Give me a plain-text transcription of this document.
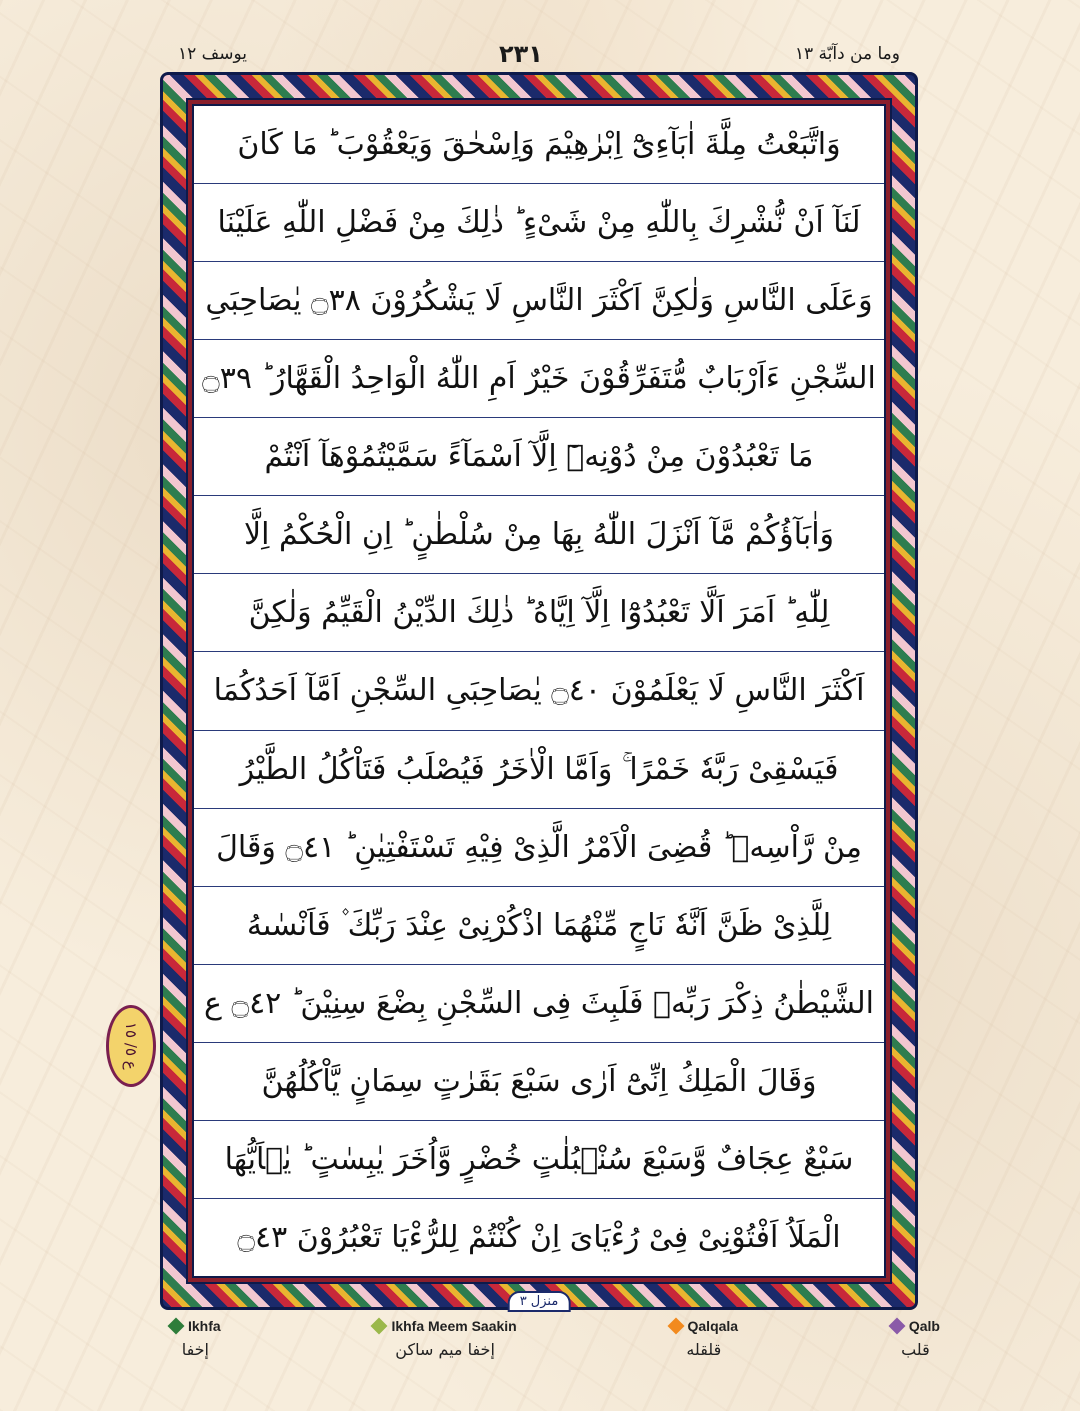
يوسف ١٢	٢٣١	وما من دآبّة ١٣
وَاتَّبَعْتُ مِلَّةَ اٰبَآءِیْٓ اِبْرٰهِیْمَ وَاِسْحٰقَ وَیَعْقُوْبَ ؕ مَا كَانَ
لَنَآ اَنْ نُّشْرِكَ بِاللّٰهِ مِنْ شَیْءٍ ؕ ذٰلِكَ مِنْ فَضْلِ اللّٰهِ عَلَیْنَا
وَعَلَى النَّاسِ وَلٰكِنَّ اَكْثَرَ النَّاسِ لَا یَشْكُرُوْنَ ۝٣٨ یٰصَاحِبَیِ
السِّجْنِ ءَاَرْبَابٌ مُّتَفَرِّقُوْنَ خَیْرٌ اَمِ اللّٰهُ الْوَاحِدُ الْقَهَّارُ ؕ ۝٣٩
مَا تَعْبُدُوْنَ مِنْ دُوْنِهٖٓ اِلَّآ اَسْمَآءً سَمَّیْتُمُوْهَآ اَنْتُمْ
وَاٰبَآؤُكُمْ مَّآ اَنْزَلَ اللّٰهُ بِهَا مِنْ سُلْطٰنٍ ؕ اِنِ الْحُكْمُ اِلَّا
لِلّٰهِ ؕ اَمَرَ اَلَّا تَعْبُدُوْٓا اِلَّآ اِیَّاهُ ؕ ذٰلِكَ الدِّیْنُ الْقَیِّمُ وَلٰكِنَّ
اَكْثَرَ النَّاسِ لَا یَعْلَمُوْنَ ۝٤٠ یٰصَاحِبَیِ السِّجْنِ اَمَّآ اَحَدُكُمَا
فَیَسْقِیْ رَبَّهٗ خَمْرًا ۚ وَاَمَّا الْاٰخَرُ فَیُصْلَبُ فَتَاْكُلُ الطَّیْرُ
مِنْ رَّاْسِهٖ ؕ قُضِیَ الْاَمْرُ الَّذِیْ فِیْهِ تَسْتَفْتِیٰنِ ؕ ۝٤١ وَقَالَ
لِلَّذِیْ ظَنَّ اَنَّهٗ نَاجٍ مِّنْهُمَا اذْكُرْنِیْ عِنْدَ رَبِّكَ ۫ فَاَنْسٰىهُ
الشَّیْطٰنُ ذِكْرَ رَبِّهٖ فَلَبِثَ فِی السِّجْنِ بِضْعَ سِنِیْنَ ؕ ۝٤٢ ع
وَقَالَ الْمَلِكُ اِنِّیْٓ اَرٰى سَبْعَ بَقَرٰتٍ سِمَانٍ یَّاْكُلُهُنَّ
سَبْعٌ عِجَافٌ وَّسَبْعَ سُنْۢبُلٰتٍ خُضْرٍ وَّاُخَرَ یٰبِسٰتٍ ؕ یٰۤاَیُّهَا
الْمَلَاُ اَفْتُوْنِیْ فِیْ رُءْیَایَ اِنْ كُنْتُمْ لِلرُّءْیَا تَعْبُرُوْنَ ۝٤٣
منزل ٣
ع ٥/ ١٥
Ikhfa
إخفا
Ikhfa Meem Saakin
إخفا میم ساکن
Qalqala
قلقله
Qalb
قلب
